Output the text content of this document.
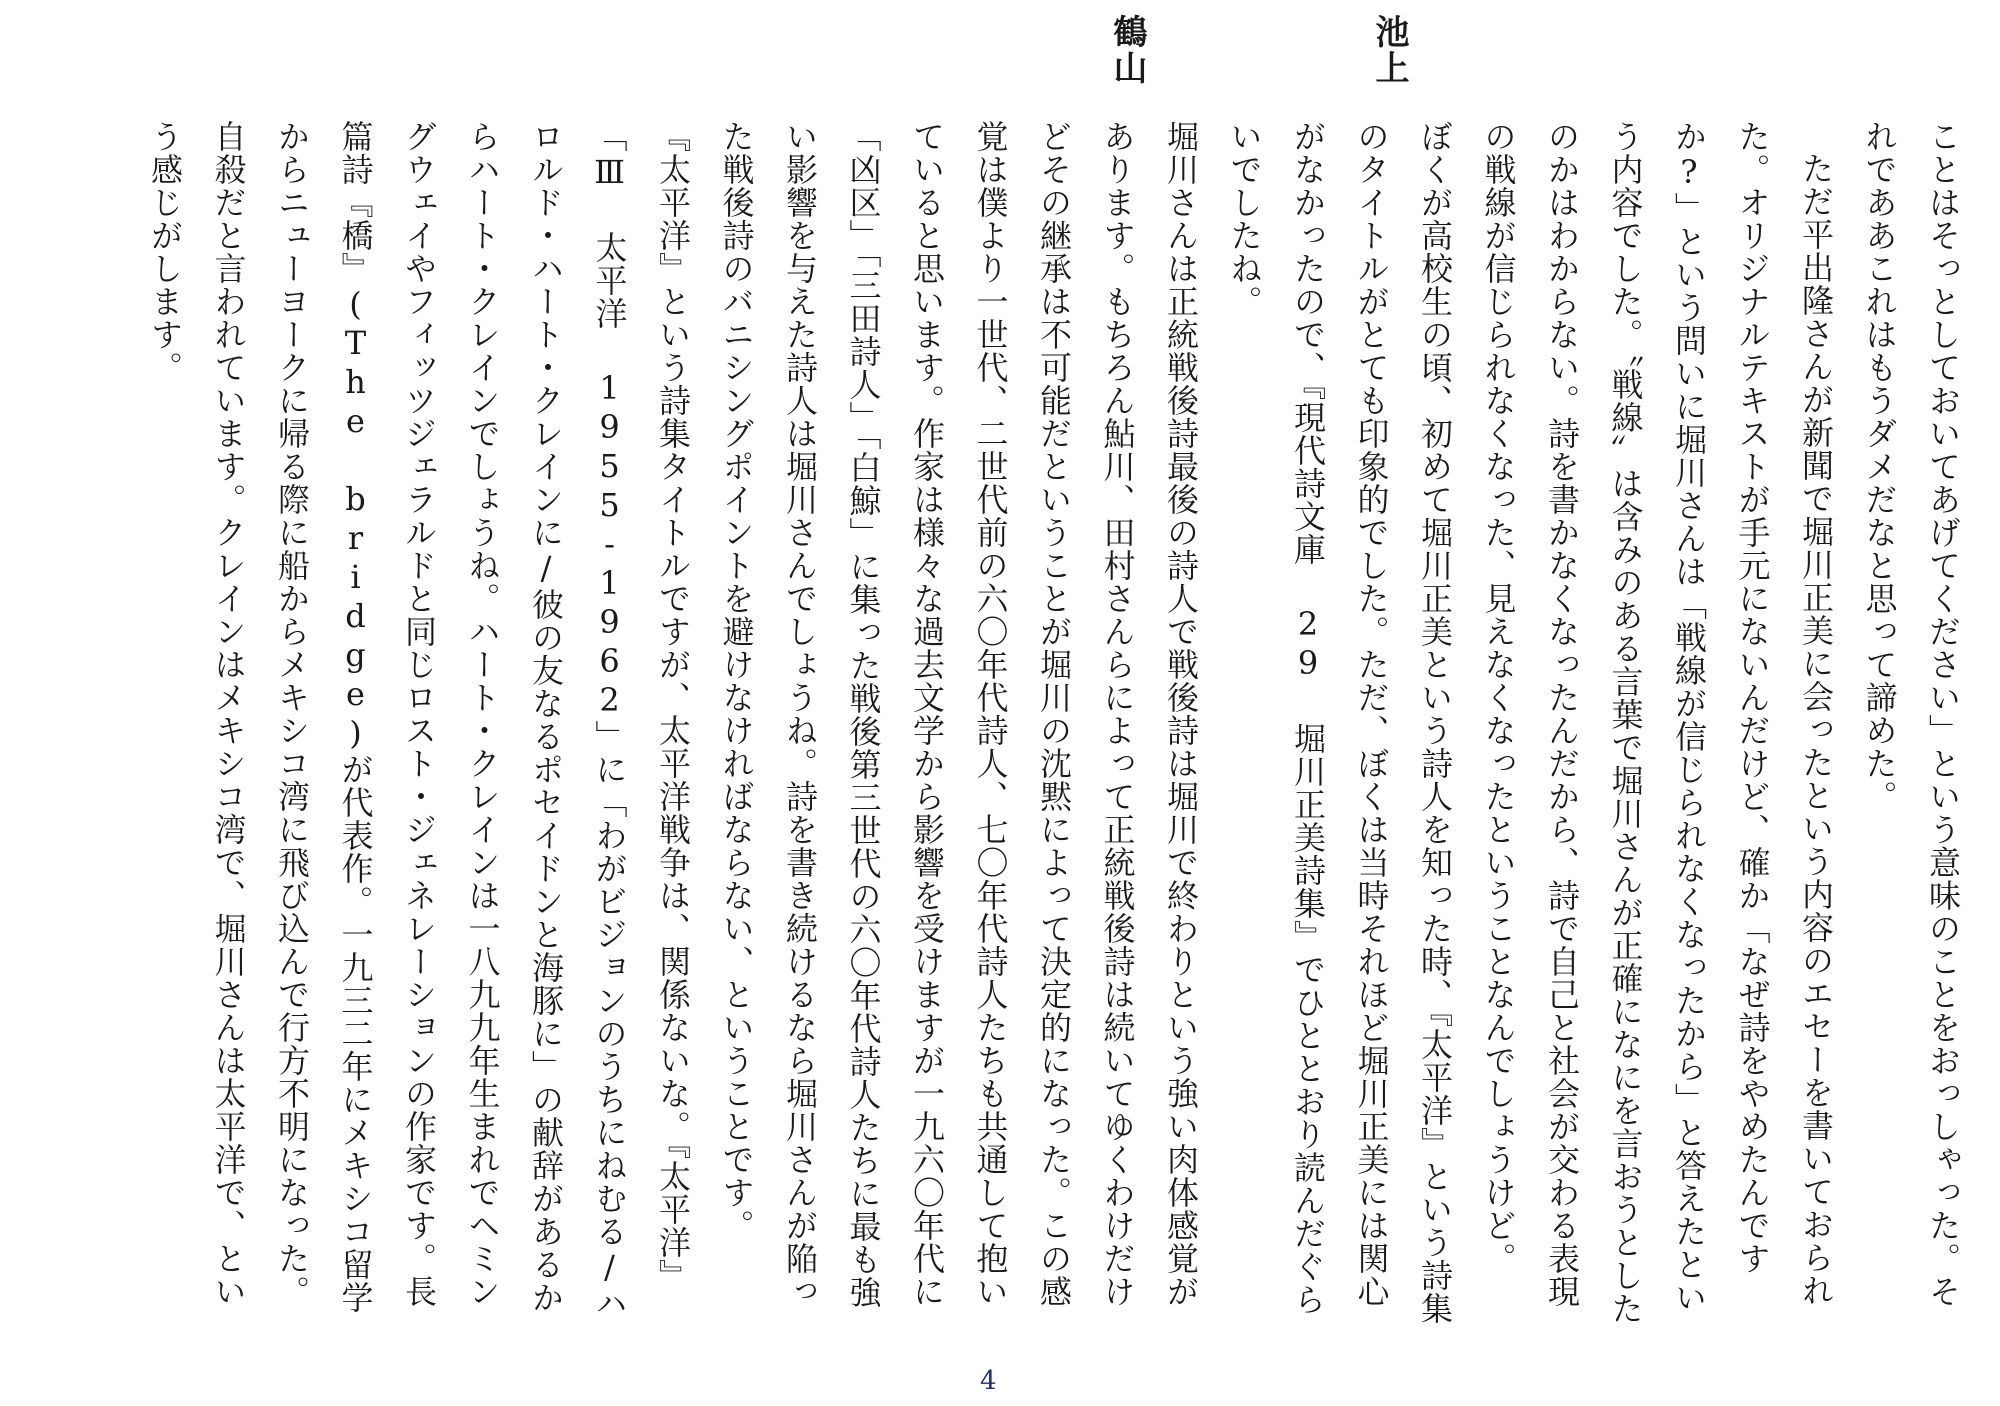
池上
鶴山

ことはそっとしておいてあげてください」という意味のことをおっしゃった。それでああこれはもうダメだなと思って諦めた。

ただ平出隆さんが新聞で堀川正美に会ったという内容のエセーを書いておられた。オリジナルテキストが手元にないんだけど、確か「なぜ詩をやめたんですか?」という問いに堀川さんは「戦線が信じられなくなったから」と答えたという内容でした。〝戦線〟は含みのある言葉で堀川さんが正確になにを言おうとしたのかはわからない。詩を書かなくなったんだから、詩で自己と社会が交わる表現の戦線が信じられなくなった、見えなくなったということなんでしょうけど。

ぼくが高校生の頃、初めて堀川正美という詩人を知った時、『太平洋』という詩集のタイトルがとても印象的でした。ただ、ぼくは当時それほど堀川正美には関心がなかったので、『現代詩文庫 29 堀川正美詩集』でひととおり読んだぐらいでしたね。

堀川さんは正統戦後詩最後の詩人で戦後詩は堀川で終わりという強い肉体感覚があります。もちろん鮎川、田村さんらによって正統戦後詩は続いてゆくわけだけどその継承は不可能だということが堀川の沈黙によって決定的になった。この感覚は僕より一世代、二世代前の六〇年代詩人、七〇年代詩人たちも共通して抱いていると思います。作家は様々な過去文学から影響を受けますが一九六〇年代に「凶区」「三田詩人」「白鯨」に集った戦後第三世代の六〇年代詩人たちに最も強い影響を与えた詩人は堀川さんでしょうね。詩を書き続けるなら堀川さんが陥った戦後詩のバニシングポイントを避けなければならない、ということです。

『太平洋』という詩集タイトルですが、太平洋戦争は、関係ないな。『太平洋』「Ⅲ 太平洋 1955-1962」に「わがビジョンのうちにねむる/ハロルド・ハート・クレインに/彼の友なるポセイドンと海豚に」の献辞があるからハート・クレインでしょうね。ハート・クレインは一八九九年生まれでヘミングウェイやフィッツジェラルドと同じロスト・ジェネレーションの作家です。長篇詩『橋』(The bridge)が代表作。一九三二年にメキシコ留学からニューヨークに帰る際に船からメキシコ湾に飛び込んで行方不明になった。自殺だと言われています。クレインはメキシコ湾で、堀川さんは太平洋で、という感じがします。

4
